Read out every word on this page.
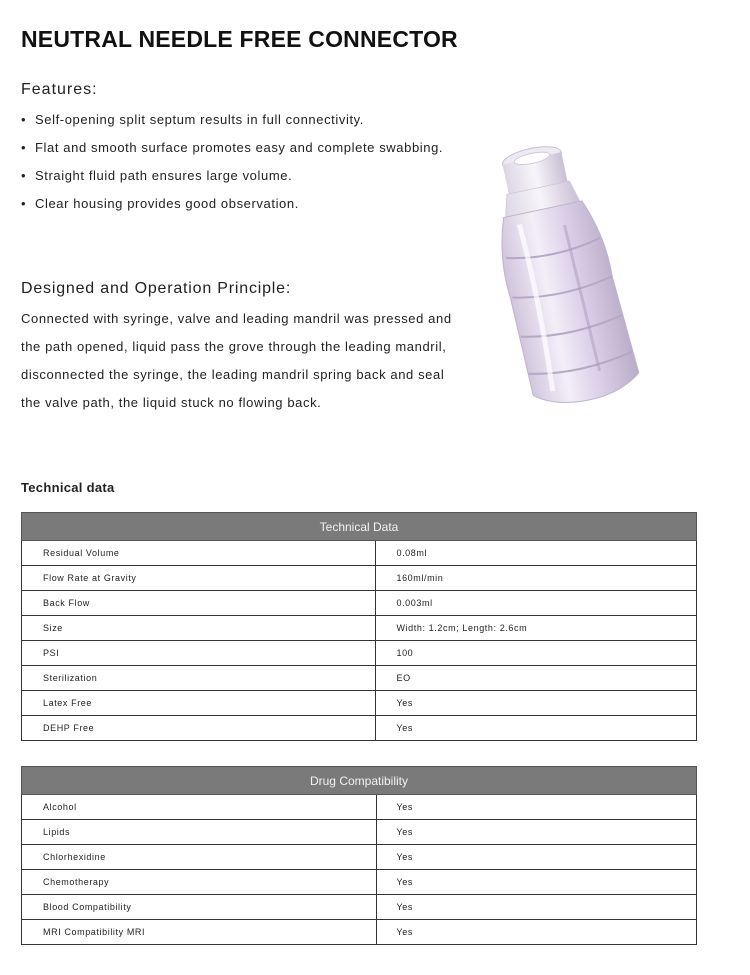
NEUTRAL NEEDLE FREE CONNECTOR
Features:
• Self-opening split septum results in full connectivity.
• Flat and smooth surface promotes easy and complete swabbing.
• Straight fluid path ensures large volume.
• Clear housing provides good observation.
Designed and Operation Principle:

Connected with syringe, valve and leading mandril was pressed and the path opened, liquid pass the grove through the leading mandril, disconnected the syringe, the leading mandril spring back and seal the valve path, the liquid stuck no flowing back.

Technical data
Technical Data	
Residual Volume	0.08ml
Flow Rate at Gravity	160ml/min
Back Flow	0.003ml
Size	Width: 1.2cm; Length: 2.6cm
PSI	100
Sterilization	EO
Latex Free	Yes
DEHP Free	Yes
Drug Compatibility	
Alcohol	Yes
Lipids	Yes
Chlorhexidine	Yes
Chemotherapy	Yes
Blood Compatibility	Yes
MRI Compatibility MRI	Yes
